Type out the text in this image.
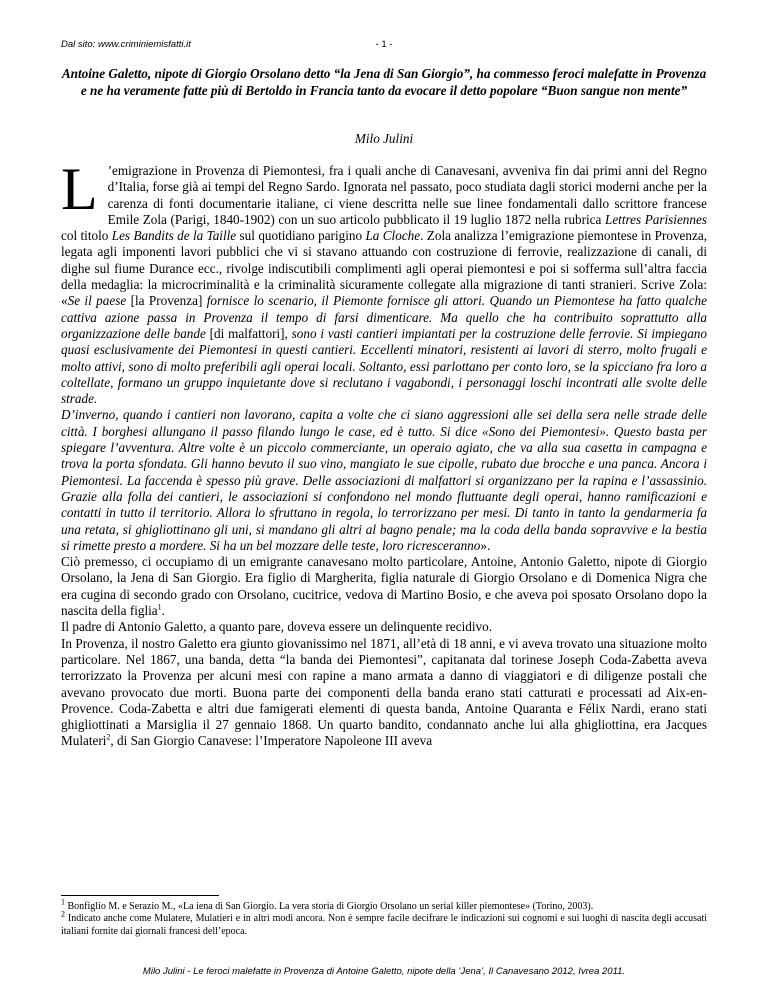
Dal sito: www.criminiemisfatti.it	- 1 -
Antoine Galetto, nipote di Giorgio Orsolano detto “la Jena di San Giorgio”, ha commesso feroci malefatte in Provenza e ne ha veramente fatte più di Bertoldo in Francia tanto da evocare il detto popolare “Buon sangue non mente”
Milo Julini

L ’emigrazione in Provenza di Piemontesi, fra i quali anche di Canavesani, avveniva fin dai primi anni del Regno d’Italia, forse già ai tempi del Regno Sardo. Ignorata nel passato, poco studiata dagli storici moderni anche per la carenza di fonti documentarie italiane, ci viene descritta nelle sue linee fondamentali dallo scrittore francese Emile Zola (Parigi, 1840-1902) con un suo articolo pubblicato il 19 luglio 1872 nella rubrica Lettres Parisiennes col titolo Les Bandits de la Taille sul quotidiano parigino La Cloche. Zola analizza l’emigrazione piemontese in Provenza, legata agli imponenti lavori pubblici che vi si stavano attuando con costruzione di ferrovie, realizzazione di canali, di dighe sul fiume Durance ecc., rivolge indiscutibili complimenti agli operai piemontesi e poi si sofferma sull’altra faccia della medaglia: la microcriminalità e la criminalità sicuramente collegate alla migrazione di tanti stranieri. Scrive Zola: «Se il paese [la Provenza] fornisce lo scenario, il Piemonte fornisce gli attori. Quando un Piemontese ha fatto qualche cattiva azione passa in Provenza il tempo di farsi dimenticare. Ma quello che ha contribuito soprattutto alla organizzazione delle bande [di malfattori], sono i vasti cantieri impiantati per la costruzione delle ferrovie. Si impiegano quasi esclusivamente dei Piemontesi in questi cantieri. Eccellenti minatori, resistenti ai lavori di sterro, molto frugali e molto attivi, sono di molto preferibili agli operai locali. Soltanto, essi parlottano per conto loro, se la spicciano fra loro a coltellate, formano un gruppo inquietante dove si reclutano i vagabondi, i personaggi loschi incontrati alle svolte delle strade.

D’inverno, quando i cantieri non lavorano, capita a volte che ci siano aggressioni alle sei della sera nelle strade delle città. I borghesi allungano il passo filando lungo le case, ed è tutto. Si dice «Sono dei Piemontesi». Questo basta per spiegare l’avventura. Altre volte è un piccolo commerciante, un operaio agiato, che va alla sua casetta in campagna e trova la porta sfondata. Gli hanno bevuto il suo vino, mangiato le sue cipolle, rubato due brocche e una panca. Ancora i Piemontesi. La faccenda è spesso più grave. Delle associazioni di malfattori si organizzano per la rapina e l’assassinio. Grazie alla folla dei cantieri, le associazioni si confondono nel mondo fluttuante degli operai, hanno ramificazioni e contatti in tutto il territorio. Allora lo sfruttano in regola, lo terrorizzano per mesi. Di tanto in tanto la gendarmeria fa una retata, si ghigliottinano gli uni, si mandano gli altri al bagno penale; ma la coda della banda sopravvive e la bestia si rimette presto a mordere. Si ha un bel mozzare delle teste, loro ricresceranno».

Ciò premesso, ci occupiamo di un emigrante canavesano molto particolare, Antoine, Antonio Galetto, nipote di Giorgio Orsolano, la Jena di San Giorgio. Era figlio di Margherita, figlia naturale di Giorgio Orsolano e di Domenica Nigra che era cugina di secondo grado con Orsolano, cucitrice, vedova di Martino Bosio, e che aveva poi sposato Orsolano dopo la nascita della figlia$^1$.

Il padre di Antonio Galetto, a quanto pare, doveva essere un delinquente recidivo.

In Provenza, il nostro Galetto era giunto giovanissimo nel 1871, all’età di 18 anni, e vi aveva trovato una situazione molto particolare. Nel 1867, una banda, detta “la banda dei Piemontesi”, capitanata dal torinese Joseph Coda-Zabetta aveva terrorizzato la Provenza per alcuni mesi con rapine a mano armata a danno di viaggiatori e di diligenze postali che avevano provocato due morti. Buona parte dei componenti della banda erano stati catturati e processati ad Aix-en-Provence. Coda-Zabetta e altri due famigerati elementi di questa banda, Antoine Quaranta e Félix Nardi, erano stati ghigliottinati a Marsiglia il 27 gennaio 1868. Un quarto bandito, condannato anche lui alla ghigliottina, era Jacques Mulateri$^2$, di San Giorgio Canavese: l’Imperatore Napoleone III aveva

$^1$ Bonfiglio M. e Serazio M., «La iena di San Giorgio. La vera storia di Giorgio Orsolano un serial killer piemontese» (Torino, 2003).

$^2$ Indicato anche come Mulatere, Mulatieri e in altri modi ancora. Non è sempre facile decifrare le indicazioni sui cognomi e sui luoghi di nascita degli accusati italiani fornite dai giornali francesi dell’epoca.

Milo Julini - Le feroci malefatte in Provenza di Antoine Galetto, nipote della ‘Jena’, Il Canavesano 2012, Ivrea 2011.
